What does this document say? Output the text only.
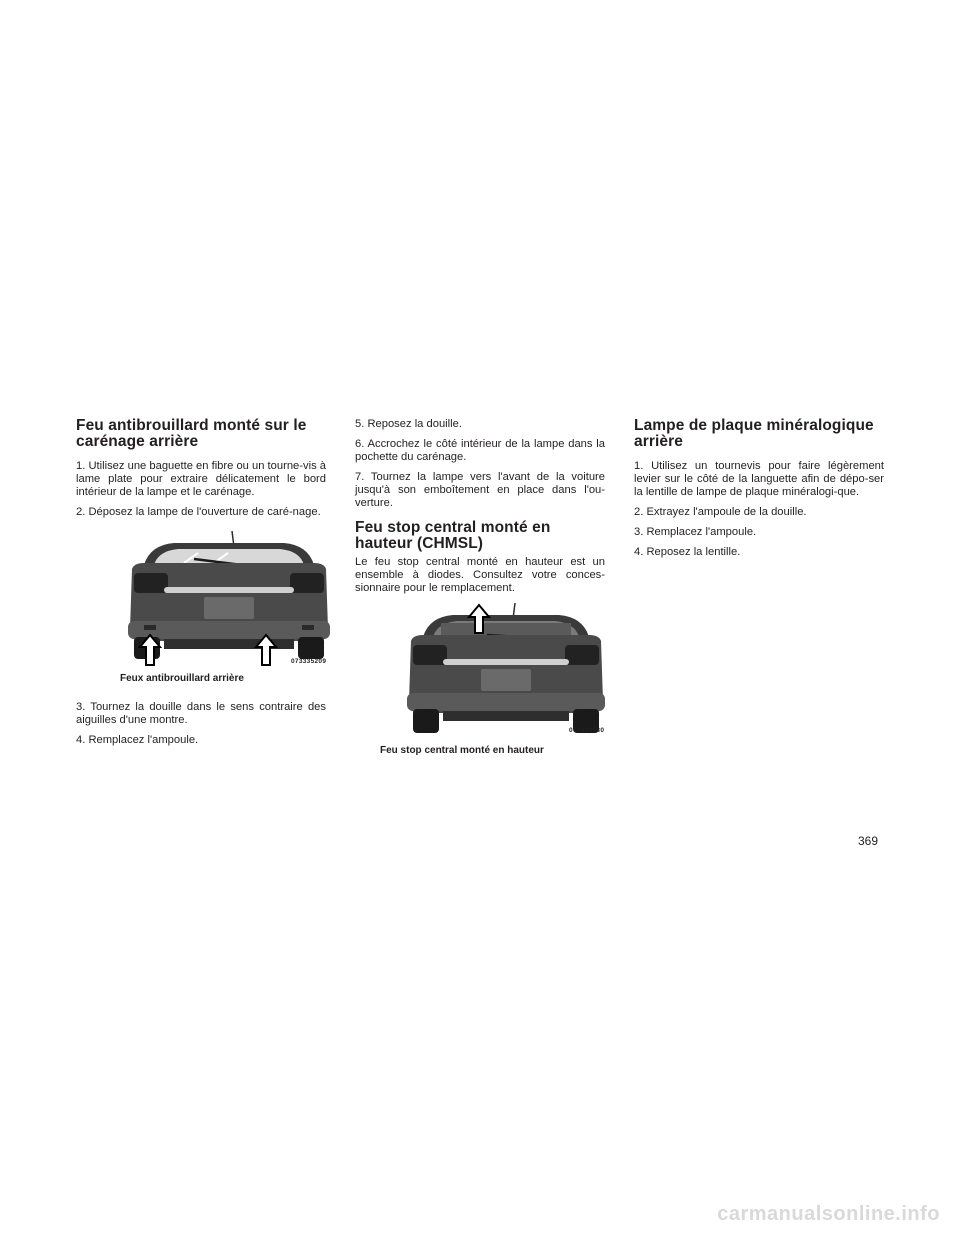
Feu antibrouillard monté sur le carénage arrière

1. Utilisez une baguette en fibre ou un tourne-vis à lame plate pour extraire délicatement le bord intérieur de la lampe et le carénage.

2. Déposez la lampe de l'ouverture de caré-nage.

073335209
Feux antibrouillard arrière

3. Tournez la douille dans le sens contraire des aiguilles d'une montre.

4. Remplacez l'ampoule.

5. Reposez la douille.

6. Accrochez le côté intérieur de la lampe dans la pochette du carénage.

7. Tournez la lampe vers l'avant de la voiture jusqu'à son emboîtement en place dans l'ou-verture.

Feu stop central monté en hauteur (CHMSL)

Le feu stop central monté en hauteur est un ensemble à diodes. Consultez votre conces-sionnaire pour le remplacement.

073310730
Feu stop central monté en hauteur
Lampe de plaque minéralogique arrière

1. Utilisez un tournevis pour faire légèrement levier sur le côté de la languette afin de dépo-ser la lentille de lampe de plaque minéralogi-que.

2. Extrayez l'ampoule de la douille.

3. Remplacez l'ampoule.

4. Reposez la lentille.

369
carmanualsonline.info
